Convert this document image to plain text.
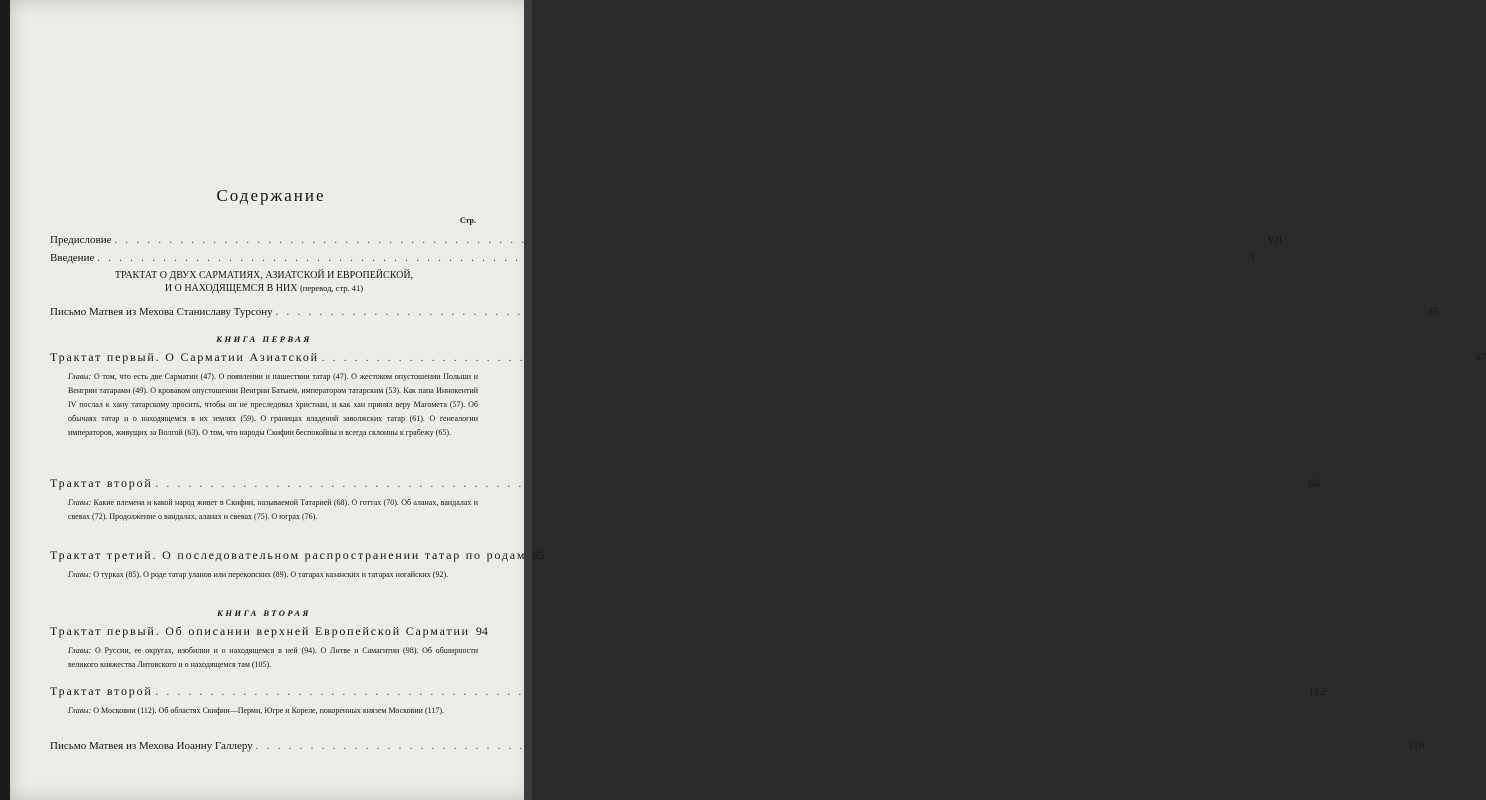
Содержание
Стр.
Предисловие . . .	VII
Введение . . .	1
ТРАКТАТ О ДВУХ САРМАТИЯХ, АЗИАТСКОЙ И ЕВРОПЕЙСКОЙ,
И О НАХОДЯЩЕМСЯ В НИХ (перевод, стр. 41)
Письмо Матвея из Мехова Станиславу Турсону . . .	45
КНИГА ПЕРВАЯ
Трактат первый. О Сарматии Азиатской . . .	47
Главы: О том, что есть две Сарматии (47). О появлении и нашествии татар (47). О жестоком опустошении Польши и Венгрии татарами (49). О кровавом опустошении Венгрии Батыем, императором татарским (53). Как папа Иннокентий IV послал к хану татарскому просить, чтобы он не преследовал христиан, и как хан принял веру Магомета (57). Об обычаях татар и о находящемся в их землях (59). О границах владений заволжских татар (61). О генеалогии императоров, живущих за Волгой (63). О том, что народы Скифии беспокойны и всегда склонны к грабежу (65).
Трактат второй . . .	68
Главы: Какие племена и какой народ живет в Скифии, называемой Татарией (68). О готтах (70). Об аланах, вандалах и свевах (72). Продолжение о вандалах, аланах и свевах (75). О юграх (76).
Трактат третий. О последовательном распространении татар по родам 85
Главы: О турках (85). О роде татар уланов или перекопских (89). О татарах казанских и татарах ногайских (92).
КНИГА ВТОРАЯ
Трактат первый. Об описании верхней Европейской Сарматии 94
Главы: О Руссии, ее округах, изобилии и о находящемся в ней (94). О Литве и Самагитии (98). Об обширности великого княжества Литовского и о находящемся там (105).
Трактат второй . . .	112
Главы: О Московии (112). Об областях Скифии—Перми, Югре и Кореле, покоренных князем Московии (117).
Письмо Матвея из Мехова Иоанну Галлеру . . .	119
